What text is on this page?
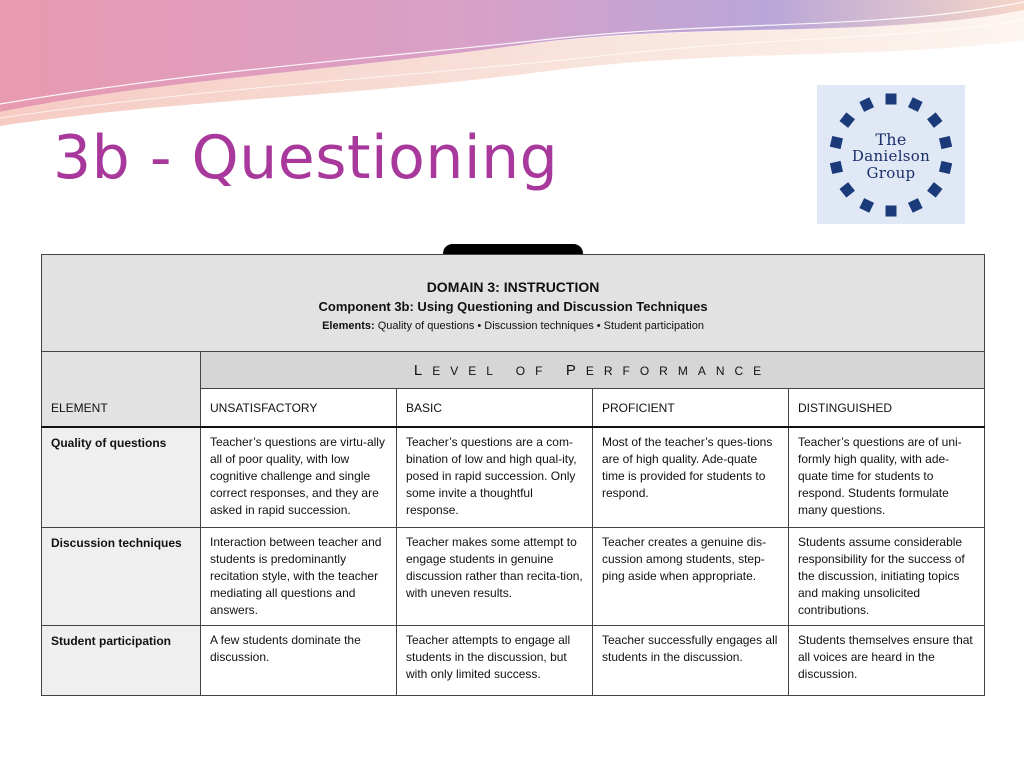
3b - Questioning	The
Danielson
Group
DOMAIN 3: INSTRUCTION
Component 3b: Using Questioning and Discussion Techniques
Elements: Quality of questions • Discussion techniques • Student participation				

ELEMENT	LEVEL OF PERFORMANCE			
	UNSATISFACTORY	BASIC	PROFICIENT	DISTINGUISHED
Quality of questions	Teacher’s questions are virtu-ally all of poor quality, with low cognitive challenge and single correct responses, and they are asked in rapid succession.	Teacher’s questions are a com-bination of low and high qual-ity, posed in rapid succession. Only some invite a thoughtful response.	Most of the teacher’s ques-tions are of high quality. Ade-quate time is provided for students to respond.	Teacher’s questions are of uni-formly high quality, with ade-quate time for students to respond. Students formulate many questions.
Discussion techniques	Interaction between teacher and students is predominantly recitation style, with the teacher mediating all questions and answers.	Teacher makes some attempt to engage students in genuine discussion rather than recita-tion, with uneven results.	Teacher creates a genuine dis-cussion among students, step-ping aside when appropriate.	Students assume considerable responsibility for the success of the discussion, initiating topics and making unsolicited contributions.
Student participation	A few students dominate the discussion.	Teacher attempts to engage all students in the discussion, but with only limited success.	Teacher successfully engages all students in the discussion.	Students themselves ensure that all voices are heard in the discussion.
